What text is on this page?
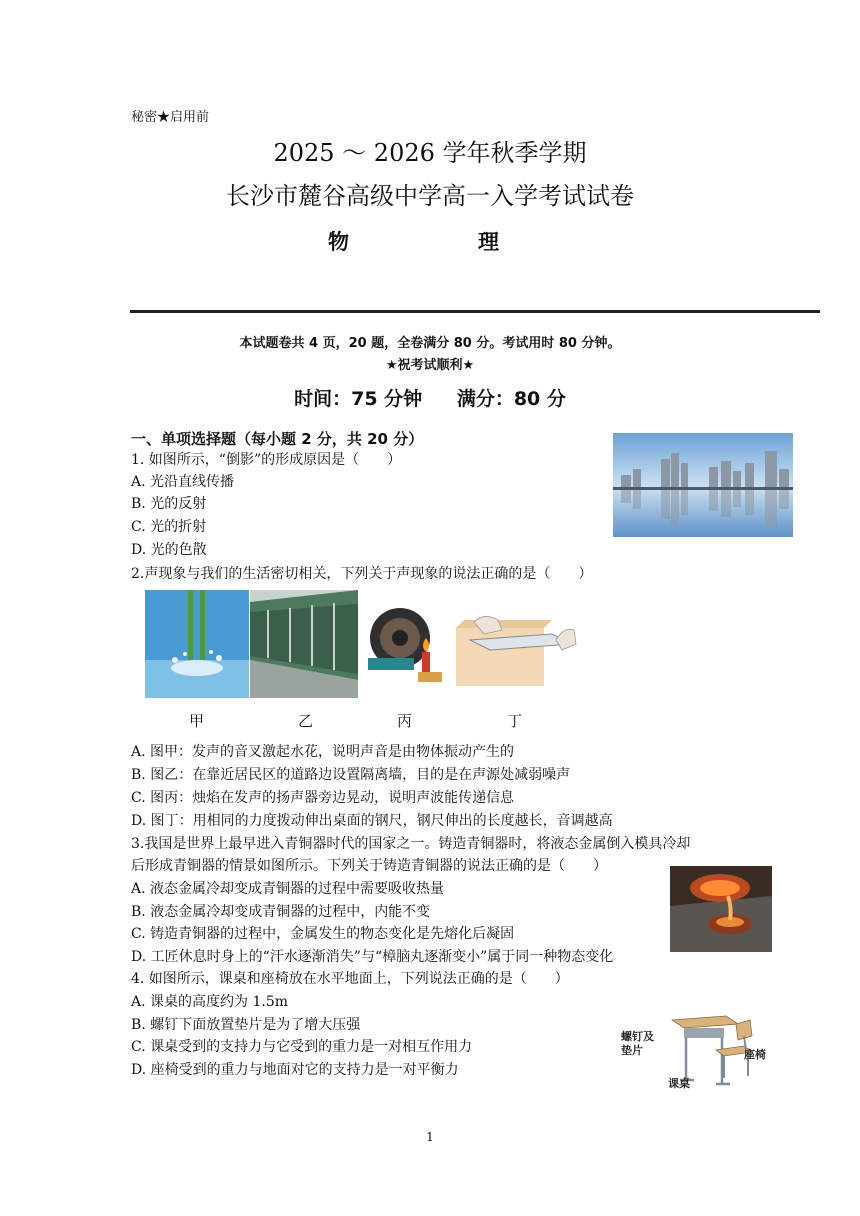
秘密★启用前
2025 ～ 2026 学年秋季学期
长沙市麓谷高级中学高一入学考试试卷
物	理
本试题卷共 4 页，20 题，全卷满分 80 分。考试用时 80 分钟。
★祝考试顺利★
时间：75 分钟 满分：80 分
一、单项选择题（每小题 2 分，共 20 分）
1. 如图所示，“倒影”的形成原因是（　　）
A. 光沿直线传播
B. 光的反射
C. 光的折射
D. 光的色散
2.声现象与我们的生活密切相关，下列关于声现象的说法正确的是（　　）
甲	乙	丙	丁
A. 图甲：发声的音叉激起水花，说明声音是由物体振动产生的
B. 图乙：在靠近居民区的道路边设置隔离墙，目的是在声源处减弱噪声
C. 图丙：烛焰在发声的扬声器旁边晃动，说明声波能传递信息
D. 图丁：用相同的力度拨动伸出桌面的钢尺，钢尺伸出的长度越长，音调越高
3.我国是世界上最早进入青铜器时代的国家之一。铸造青铜器时，将液态金属倒入模具冷却
后形成青铜器的情景如图所示。下列关于铸造青铜器的说法正确的是（　　）
A. 液态金属冷却变成青铜器的过程中需要吸收热量
B. 液态金属冷却变成青铜器的过程中，内能不变
C. 铸造青铜器的过程中，金属发生的物态变化是先熔化后凝固
D. 工匠休息时身上的“汗水逐渐消失”与“樟脑丸逐渐变小”属于同一种物态变化
4. 如图所示，课桌和座椅放在水平地面上，下列说法正确的是（　　）
A. 课桌的高度约为 1.5m
B. 螺钉下面放置垫片是为了增大压强
C. 课桌受到的支持力与它受到的重力是一对相互作用力
D. 座椅受到的重力与地面对它的支持力是一对平衡力
螺钉及
垫片	座椅
课桌
1
